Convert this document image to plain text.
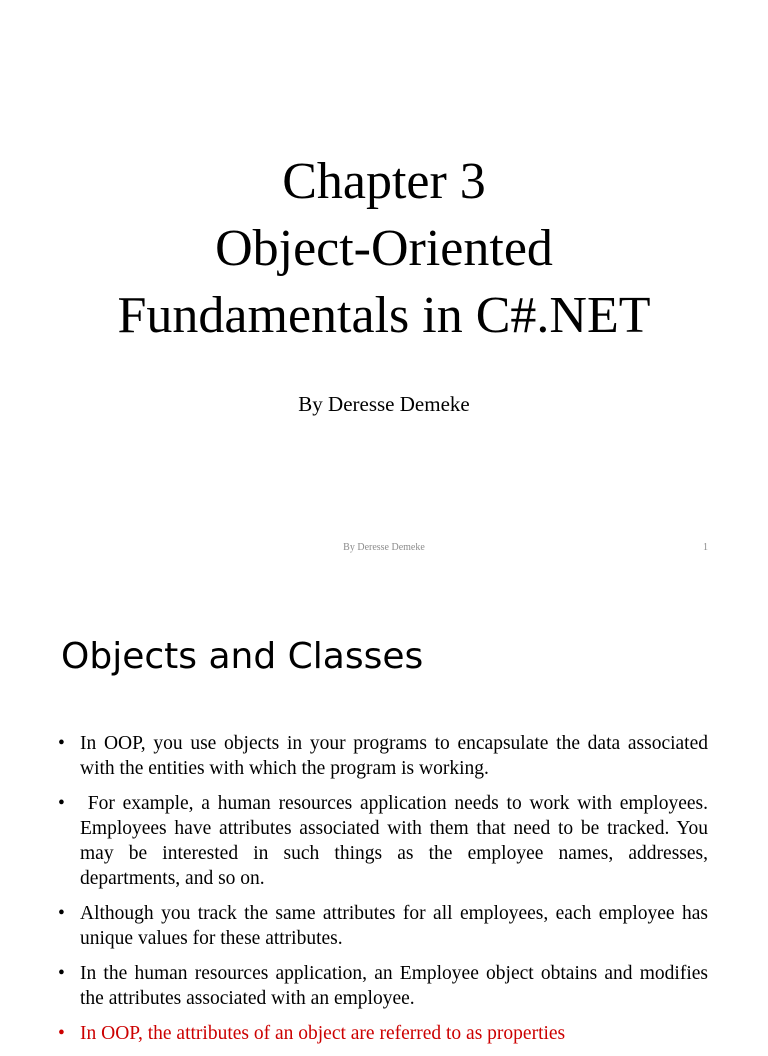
Chapter 3
Object-Oriented
Fundamentals in C#.NET
By Deresse Demeke
By Deresse Demeke	1
Objects and Classes
• In OOP, you use objects in your programs to encapsulate the data associated with the entities with which the program is working.
• For example, a human resources application needs to work with employees. Employees have attributes associated with them that need to be tracked. You may be interested in such things as the employee names, addresses, departments, and so on.
• Although you track the same attributes for all employees, each employee has unique values for these attributes.
• In the human resources application, an Employee object obtains and modifies the attributes associated with an employee.
• In OOP, the attributes of an object are referred to as properties
